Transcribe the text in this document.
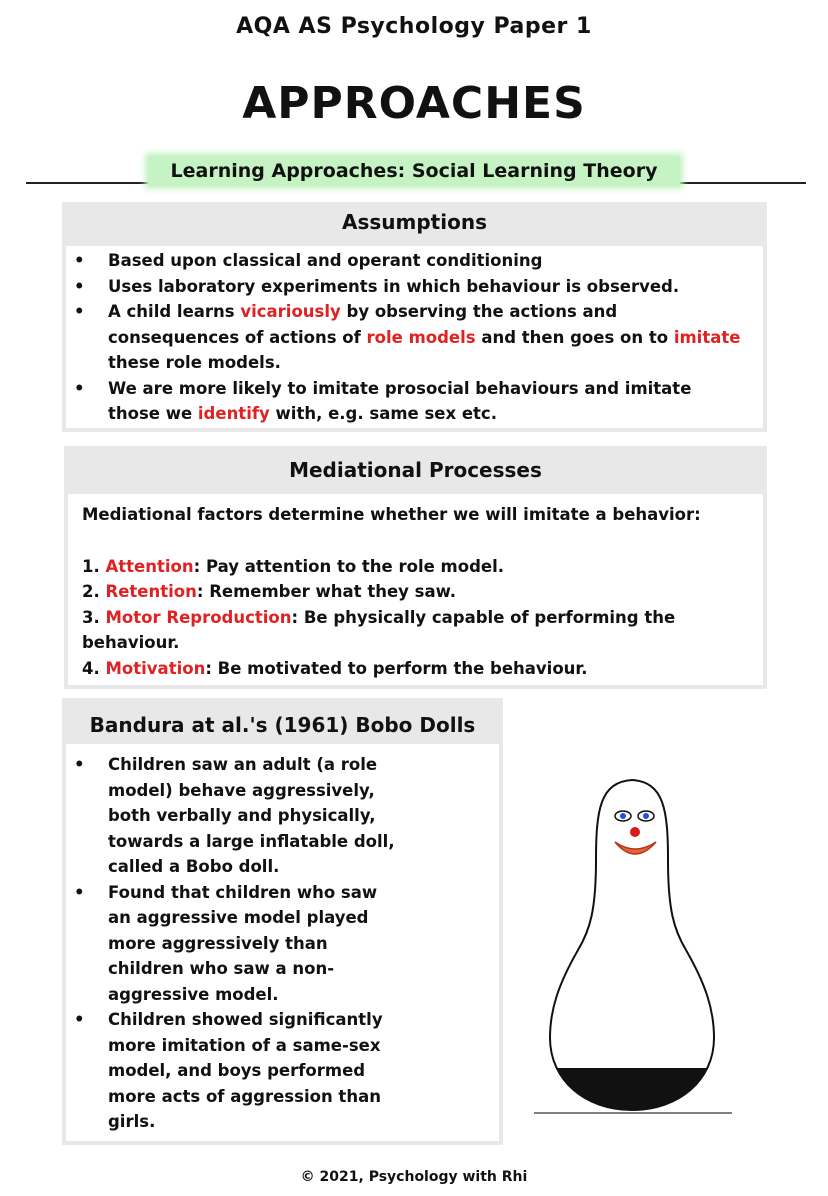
AQA AS Psychology Paper 1
APPROACHES
Learning Approaches: Social Learning Theory
Assumptions
• Based upon classical and operant conditioning
• Uses laboratory experiments in which behaviour is observed.
• A child learns vicariously by observing the actions and consequences of actions of role models and then goes on to imitate these role models.
• We are more likely to imitate prosocial behaviours and imitate those we identify with, e.g. same sex etc.
Mediational Processes

Mediational factors determine whether we will imitate a behavior:

1. Attention: Pay attention to the role model.

2. Retention: Remember what they saw.

3. Motor Reproduction: Be physically capable of performing the behaviour.

4. Motivation: Be motivated to perform the behaviour.

Bandura at al.'s (1961) Bobo Dolls
• Children saw an adult (a role model) behave aggressively, both verbally and physically, towards a large inflatable doll, called a Bobo doll.
• Found that children who saw an aggressive model played more aggressively than children who saw a non-aggressive model.
• Children showed significantly more imitation of a same-sex model, and boys performed more acts of aggression than girls.
© 2021, Psychology with Rhi
